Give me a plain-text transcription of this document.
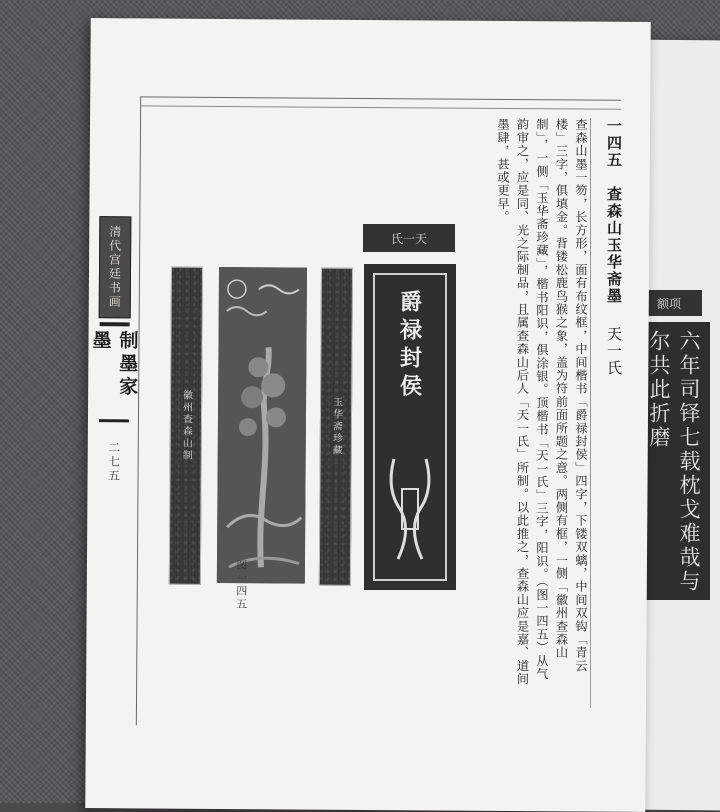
额项
六年司铎七载枕戈难哉与尔共此折磨
清代宫廷书画
制墨家墨
二七五
徽州查森山制	玉华斋珍藏
图一四五
氏一天
爵禄封侯
一四五 查森山玉华斋墨 天一氏
查森山墨一笏，长方形，面有布纹框，中间楷书「爵禄封侯」四字，下镂双螭，中间双钩「青云楼」三字，俱填金。背镂松鹿鸟猴之象，盖为符前面所题之意。两侧有框，一侧「徽州查森山制」，一侧「玉华斋珍藏」，楷书阳识，俱涂银。顶楷书「天一氏」三字，阳识。（图一四五）从气韵审之，应是同、光之际制品，且属查森山后人「天一氏」所制。以此推之，查森山应是嘉、道间墨肆，甚或更早。
